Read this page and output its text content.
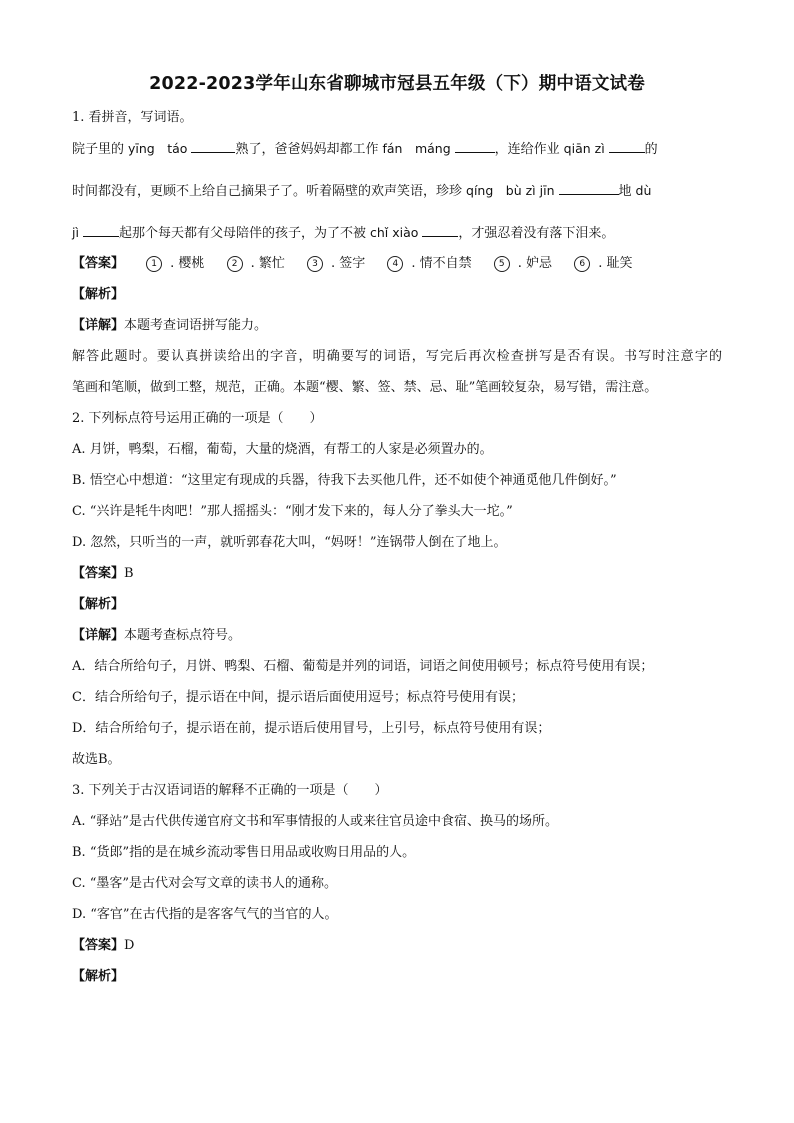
2022-2023学年山东省聊城市冠县五年级（下）期中语文试卷
1. 看拼音，写词语。
院子里的 yīng　táo	熟了，爸爸妈妈却都工作 fán　máng	，连给作业 qiān zì	的
时间都没有，更顾不上给自己摘果子了。听着隔壁的欢声笑语，珍珍 qíng　bù zì jīn	地 dù
jì	起那个每天都有父母陪伴的孩子，为了不被 chǐ xiào	，才强忍着没有落下泪来。
【答案】	1 . 樱桃	2 . 繁忙	3 . 签字	4 . 情不自禁	5 . 妒忌	6 . 耻笑
【解析】
【详解】本题考查词语拼写能力。
解答此题时。要认真拼读给出的字音，明确要写的词语，写完后再次检查拼写是否有误。书写时注意字的
笔画和笔顺，做到工整，规范，正确。本题“樱、繁、签、禁、忌、耻”笔画较复杂，易写错，需注意。
2. 下列标点符号运用正确的一项是（　　）
A. 月饼，鸭梨，石榴，葡萄，大量的烧酒，有帮工的人家是必须置办的。
B. 悟空心中想道：“这里定有现成的兵器，待我下去买他几件，还不如使个神通觅他几件倒好。”
C. “兴许是牦牛肉吧！”那人摇摇头：“刚才发下来的，每人分了拳头大一坨。”
D. 忽然，只听当的一声，就听郭春花大叫，“妈呀！”连锅带人倒在了地上。
【答案】B
【解析】
【详解】本题考查标点符号。
A．结合所给句子，月饼、鸭梨、石榴、葡萄是并列的词语，词语之间使用顿号；标点符号使用有误；
C．结合所给句子，提示语在中间，提示语后面使用逗号；标点符号使用有误；
D．结合所给句子，提示语在前，提示语后使用冒号，上引号，标点符号使用有误；
故选B。
3. 下列关于古汉语词语的解释不正确的一项是（　　）
A. “驿站”是古代供传递官府文书和军事情报的人或来往官员途中食宿、换马的场所。
B. “货郎”指的是在城乡流动零售日用品或收购日用品的人。
C. “墨客”是古代对会写文章的读书人的通称。
D. “客官”在古代指的是客客气气的当官的人。
【答案】D
【解析】
